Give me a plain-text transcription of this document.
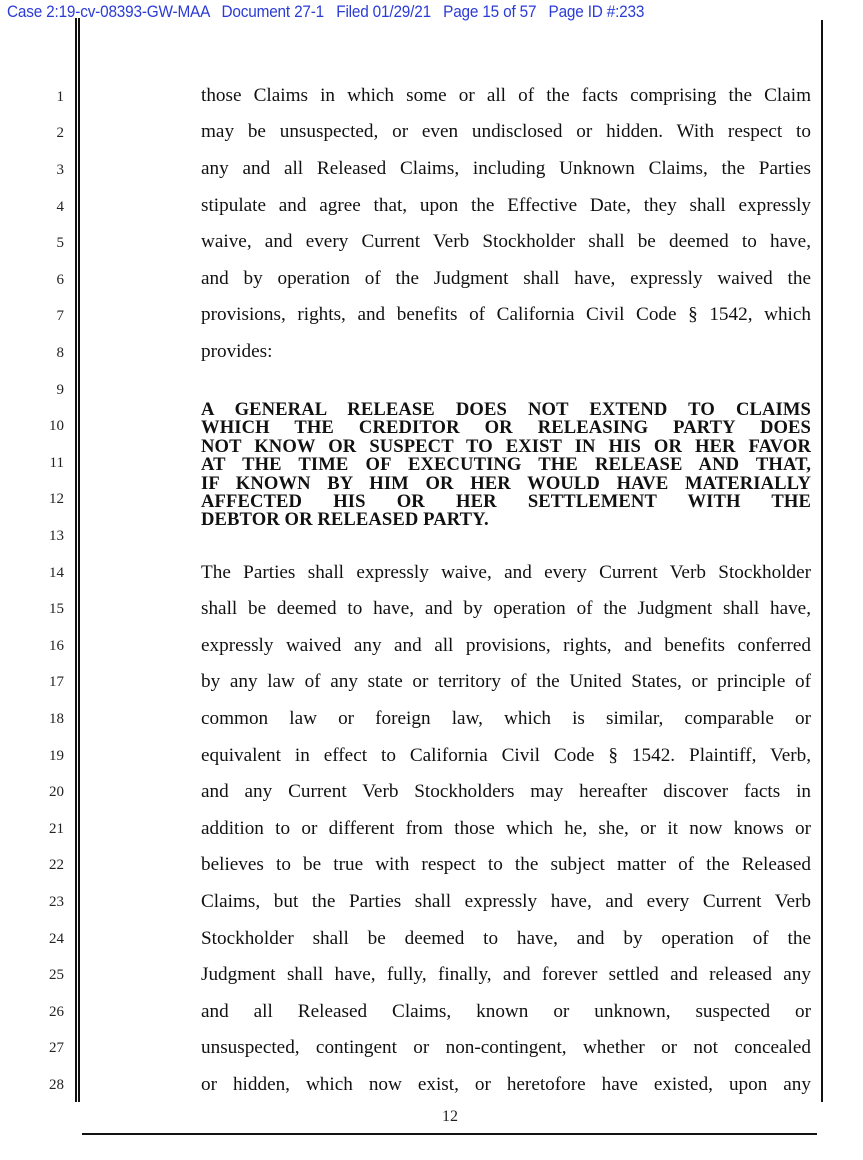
Case 2:19-cv-08393-GW-MAA   Document 27-1   Filed 01/29/21   Page 15 of 57   Page ID #:233
1
2
3
4
5
6
7
8
9
10
11
12
13
14
15
16
17
18
19
20
21
22
23
24
25
26
27
28
those Claims in which some or all of the facts comprising the Claim
may be unsuspected, or even undisclosed or hidden. With respect to
any and all Released Claims, including Unknown Claims, the Parties
stipulate and agree that, upon the Effective Date, they shall expressly
waive, and every Current Verb Stockholder shall be deemed to have,
and by operation of the Judgment shall have, expressly waived the
provisions, rights, and benefits of California Civil Code § 1542, which
provides:
A GENERAL RELEASE DOES NOT EXTEND TO CLAIMS
WHICH THE CREDITOR OR RELEASING PARTY DOES
NOT KNOW OR SUSPECT TO EXIST IN HIS OR HER FAVOR
AT THE TIME OF EXECUTING THE RELEASE AND THAT,
IF KNOWN BY HIM OR HER WOULD HAVE MATERIALLY
AFFECTED HIS OR HER SETTLEMENT WITH THE
DEBTOR OR RELEASED PARTY.
The Parties shall expressly waive, and every Current Verb Stockholder
shall be deemed to have, and by operation of the Judgment shall have,
expressly waived any and all provisions, rights, and benefits conferred
by any law of any state or territory of the United States, or principle of
common law or foreign law, which is similar, comparable or
equivalent in effect to California Civil Code § 1542. Plaintiff, Verb,
and any Current Verb Stockholders may hereafter discover facts in
addition to or different from those which he, she, or it now knows or
believes to be true with respect to the subject matter of the Released
Claims, but the Parties shall expressly have, and every Current Verb
Stockholder shall be deemed to have, and by operation of the
Judgment shall have, fully, finally, and forever settled and released any
and all Released Claims, known or unknown, suspected or
unsuspected, contingent or non-contingent, whether or not concealed
or hidden, which now exist, or heretofore have existed, upon any
12
